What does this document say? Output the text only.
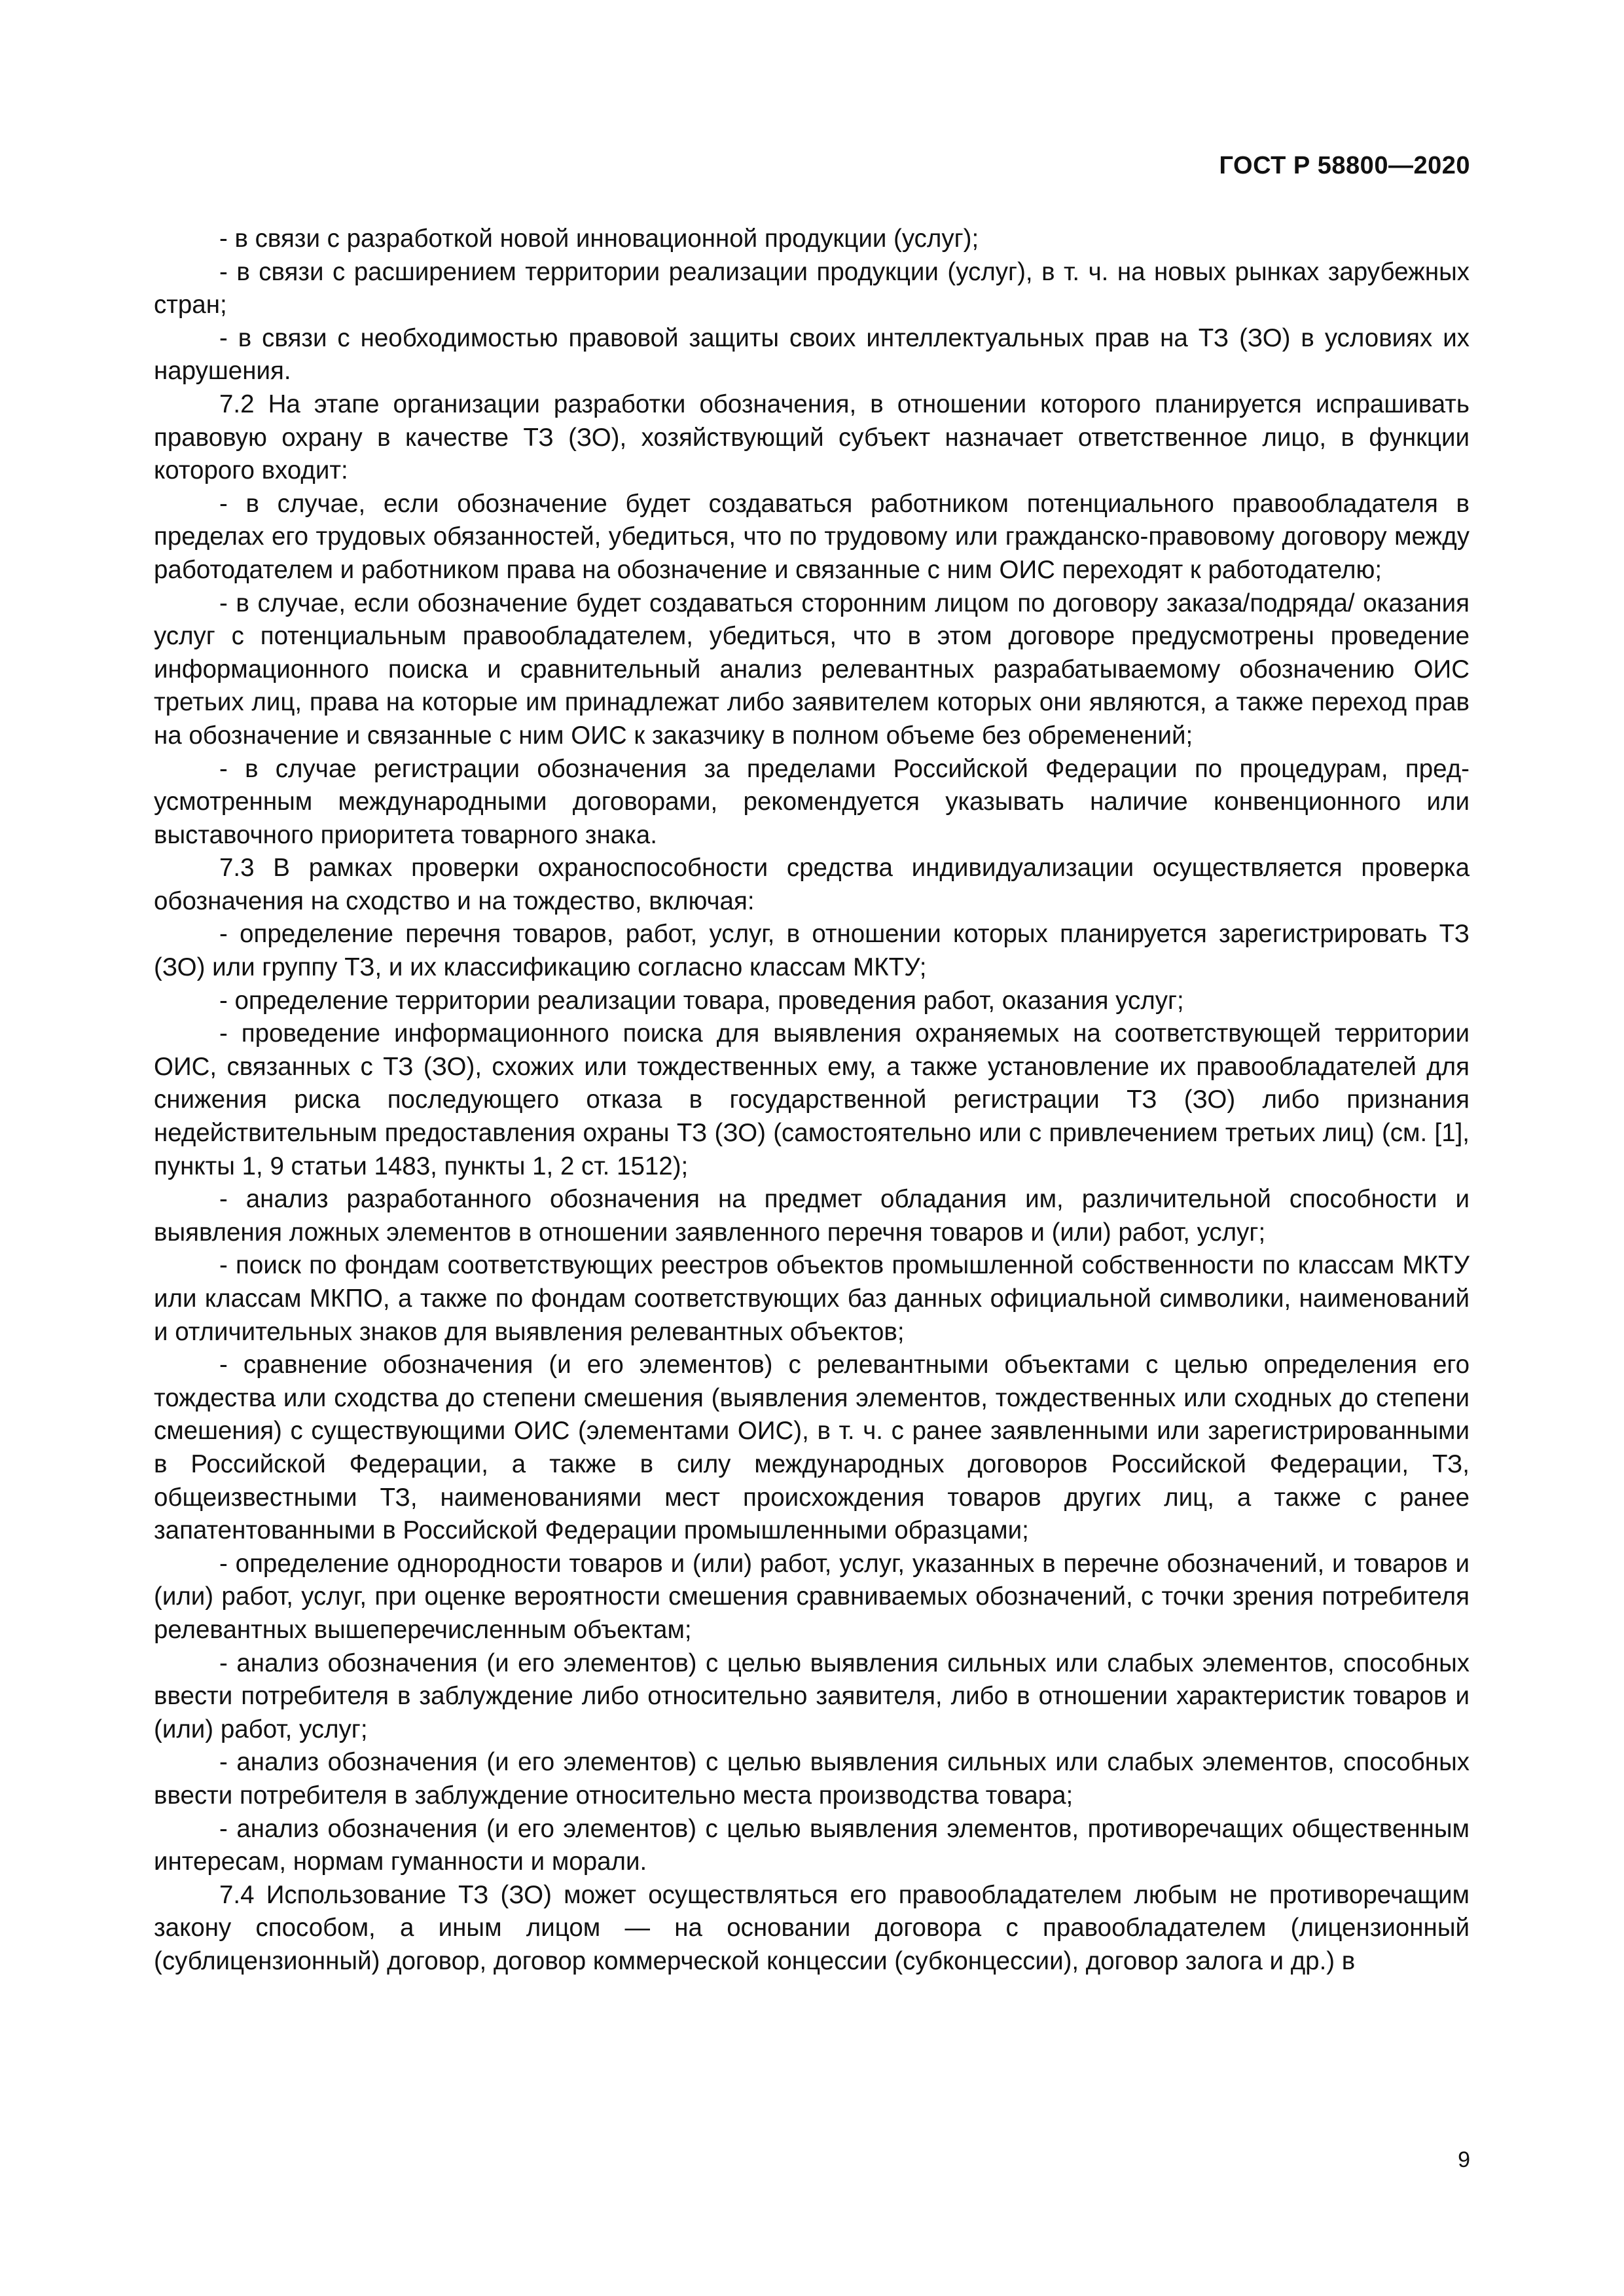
ГОСТ Р 58800—2020

- в связи с разработкой новой инновационной продукции (услуг);

- в связи с расширением территории реализации продукции (услуг), в т. ч. на новых рынках зарубежных стран;

- в связи с необходимостью правовой защиты своих интеллектуальных прав на ТЗ (ЗО) в условиях их нарушения.

7.2 На этапе организации разработки обозначения, в отношении которого планируется испрашивать правовую охрану в качестве ТЗ (ЗО), хозяйствующий субъект назначает ответственное лицо, в функции которого входит:

- в случае, если обозначение будет создаваться работником потенциального правообладателя в пределах его трудовых обязанностей, убедиться, что по трудовому или гражданско-правовому договору между работодателем и работником права на обозначение и связанные с ним ОИС переходят к работодателю;

- в случае, если обозначение будет создаваться сторонним лицом по договору заказа/подряда/ оказания услуг с потенциальным правообладателем, убедиться, что в этом договоре предусмотрены проведение информационного поиска и сравнительный анализ релевантных разрабатываемому обозначению ОИС третьих лиц, права на которые им принадлежат либо заявителем которых они являются, а также переход прав на обозначение и связанные с ним ОИС к заказчику в полном объеме без обременений;

- в случае регистрации обозначения за пределами Российской Федерации по процедурам, предусмотренным международными договорами, рекомендуется указывать наличие конвенционного или выставочного приоритета товарного знака.

7.3 В рамках проверки охраноспособности средства индивидуализации осуществляется проверка обозначения на сходство и на тождество, включая:

- определение перечня товаров, работ, услуг, в отношении которых планируется зарегистрировать ТЗ (ЗО) или группу ТЗ, и их классификацию согласно классам МКТУ;

- определение территории реализации товара, проведения работ, оказания услуг;

- проведение информационного поиска для выявления охраняемых на соответствующей территории ОИС, связанных с ТЗ (ЗО), схожих или тождественных ему, а также установление их правообладателей для снижения риска последующего отказа в государственной регистрации ТЗ (ЗО) либо признания недействительным предоставления охраны ТЗ (ЗО) (самостоятельно или с привлечением третьих лиц) (см. [1], пункты 1, 9 статьи 1483, пункты 1, 2 ст. 1512);

- анализ разработанного обозначения на предмет обладания им, различительной способности и выявления ложных элементов в отношении заявленного перечня товаров и (или) работ, услуг;

- поиск по фондам соответствующих реестров объектов промышленной собственности по классам МКТУ или классам МКПО, а также по фондам соответствующих баз данных официальной символики, наименований и отличительных знаков для выявления релевантных объектов;

- сравнение обозначения (и его элементов) с релевантными объектами с целью определения его тождества или сходства до степени смешения (выявления элементов, тождественных или сходных до степени смешения) с существующими ОИС (элементами ОИС), в т. ч. с ранее заявленными или зарегистрированными в Российской Федерации, а также в силу международных договоров Российской Федерации, ТЗ, общеизвестными ТЗ, наименованиями мест происхождения товаров других лиц, а также с ранее запатентованными в Российской Федерации промышленными образцами;

- определение однородности товаров и (или) работ, услуг, указанных в перечне обозначений, и товаров и (или) работ, услуг, при оценке вероятности смешения сравниваемых обозначений, с точки зрения потребителя релевантных вышеперечисленным объектам;

- анализ обозначения (и его элементов) с целью выявления сильных или слабых элементов, способных ввести потребителя в заблуждение либо относительно заявителя, либо в отношении характеристик товаров и (или) работ, услуг;

- анализ обозначения (и его элементов) с целью выявления сильных или слабых элементов, способных ввести потребителя в заблуждение относительно места производства товара;

- анализ обозначения (и его элементов) с целью выявления элементов, противоречащих общественным интересам, нормам гуманности и морали.

7.4 Использование ТЗ (ЗО) может осуществляться его правообладателем любым не противоречащим закону способом, а иным лицом — на основании договора с правообладателем (лицензионный (сублицензионный) договор, договор коммерческой концессии (субконцессии), договор залога и др.) в

9
